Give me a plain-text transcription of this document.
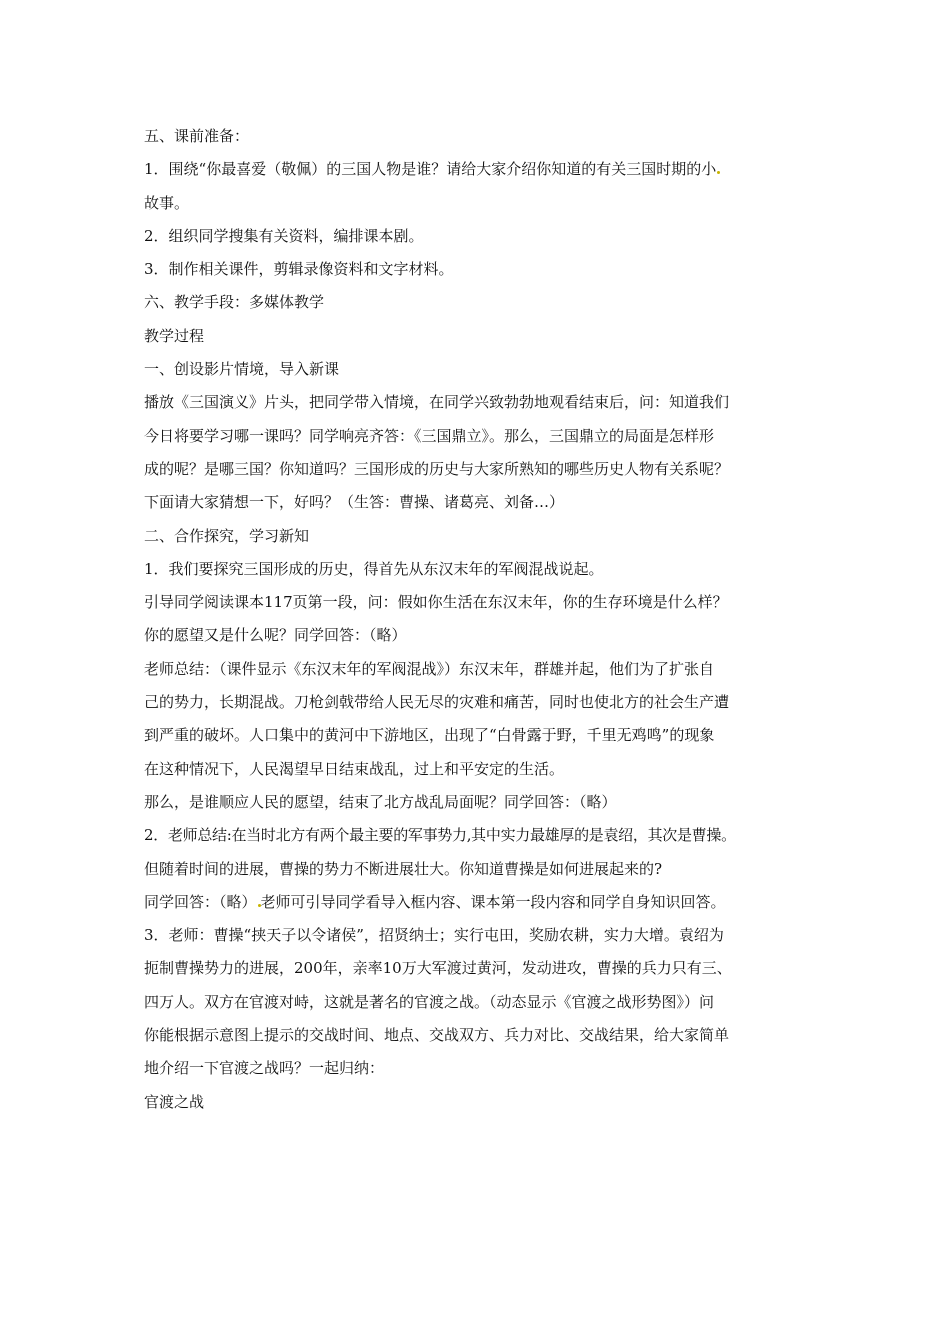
五、课前准备：
1．围绕“你最喜爱（敬佩）的三国人物是谁？请给大家介绍你知道的有关三国时期的小
故事。
2．组织同学搜集有关资料，编排课本剧。
3．制作相关课件，剪辑录像资料和文字材料。
六、教学手段：多媒体教学
教学过程
一、创设影片情境，导入新课
播放《三国演义》片头，把同学带入情境，在同学兴致勃勃地观看结束后，问：知道我们
今日将要学习哪一课吗？同学响亮齐答：《三国鼎立》。那么，三国鼎立的局面是怎样形
成的呢？是哪三国？你知道吗？三国形成的历史与大家所熟知的哪些历史人物有关系呢？
下面请大家猜想一下，好吗？（生答：曹操、诸葛亮、刘备…）
二、合作探究，学习新知
1．我们要探究三国形成的历史，得首先从东汉末年的军阀混战说起。
引导同学阅读课本117页第一段，问：假如你生活在东汉末年，你的生存环境是什么样？
你的愿望又是什么呢？同学回答：（略）
老师总结：（课件显示《东汉末年的军阀混战》）东汉末年，群雄并起，他们为了扩张自
己的势力，长期混战。刀枪剑戟带给人民无尽的灾难和痛苦，同时也使北方的社会生产遭
到严重的破坏。人口集中的黄河中下游地区，出现了“白骨露于野，千里无鸡鸣”的现象
在这种情况下，人民渴望早日结束战乱，过上和平安定的生活。
那么，是谁顺应人民的愿望，结束了北方战乱局面呢？同学回答：（略）
2．老师总结:在当时北方有两个最主要的军事势力,其中实力最雄厚的是袁绍，其次是曹操。
但随着时间的进展，曹操的势力不断进展壮大。你知道曹操是如何进展起来的?
同学回答：（略） 老师可引导同学看导入框内容、课本第一段内容和同学自身知识回答。
3．老师：曹操“挟天子以令诸侯”，招贤纳士；实行屯田，奖励农耕，实力大增。袁绍为
扼制曹操势力的进展，200年，亲率10万大军渡过黄河，发动进攻，曹操的兵力只有三、
四万人。双方在官渡对峙，这就是著名的官渡之战。（动态显示《官渡之战形势图》）问
你能根据示意图上提示的交战时间、地点、交战双方、兵力对比、交战结果，给大家简单
地介绍一下官渡之战吗？一起归纳：
官渡之战
